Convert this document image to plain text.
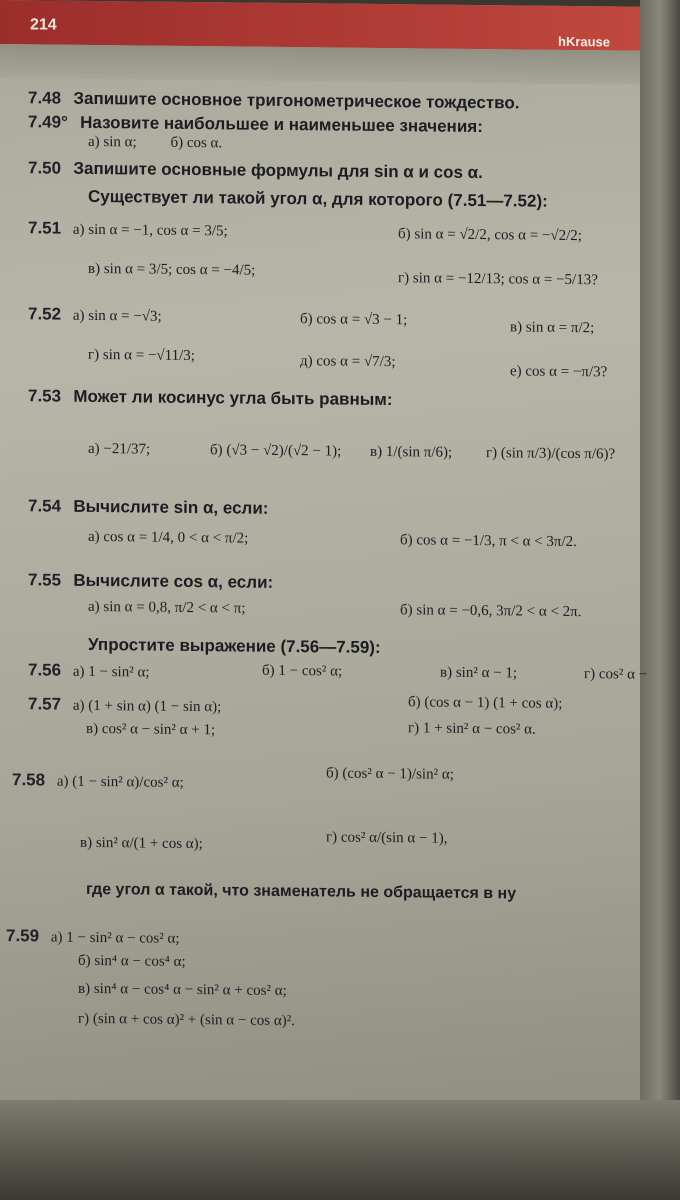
214
hKrause
7.48 Запишите основное тригонометрическое тождество.
7.49° Назовите наибольшее и наименьшее значения:
а) sin α; б) cos α.
7.50 Запишите основные формулы для sin α и cos α.
Существует ли такой угол α, для которого (7.51—7.52):
7.51 а) sin α = −1, cos α = 3/5;	б) sin α = √2/2, cos α = −√2/2;
в) sin α = 3/5; cos α = −4/5;
г) sin α = −12/13; cos α = −5/13?
7.52 а) sin α = −√3;	б) cos α = √3 − 1;	в) sin α = π/2;
г) sin α = −√11/3;	д) cos α = √7/3;
е) cos α = −π/3?
7.53 Может ли косинус угла быть равным:
а) −21/37;	б) (√3 − √2)/(√2 − 1); в) 1/(sin π/6); г) (sin π/3)/(cos π/6)?
7.54 Вычислите sin α, если:
а) cos α = 1/4, 0 < α < π/2;	б) cos α = −1/3, π < α < 3π/2.
7.55 Вычислите cos α, если:
а) sin α = 0,8, π/2 < α < π;	б) sin α = −0,6, 3π/2 < α < 2π.
Упростите выражение (7.56—7.59):
7.56 а) 1 − sin² α;	б) 1 − cos² α;	в) sin² α − 1;	г) cos² α −
7.57 а) (1 + sin α) (1 − sin α);	б) (cos α − 1) (1 + cos α);
в) cos² α − sin² α + 1;	г) 1 + sin² α − cos² α.
7.58 а) (1 − sin² α)/cos² α;	б) (cos² α − 1)/sin² α;
в) sin² α/(1 + cos α);	г) cos² α/(sin α − 1),
где угол α такой, что знаменатель не обращается в ну
7.59 а) 1 − sin² α − cos² α;
б) sin⁴ α − cos⁴ α;
в) sin⁴ α − cos⁴ α − sin² α + cos² α;
г) (sin α + cos α)² + (sin α − cos α)².
